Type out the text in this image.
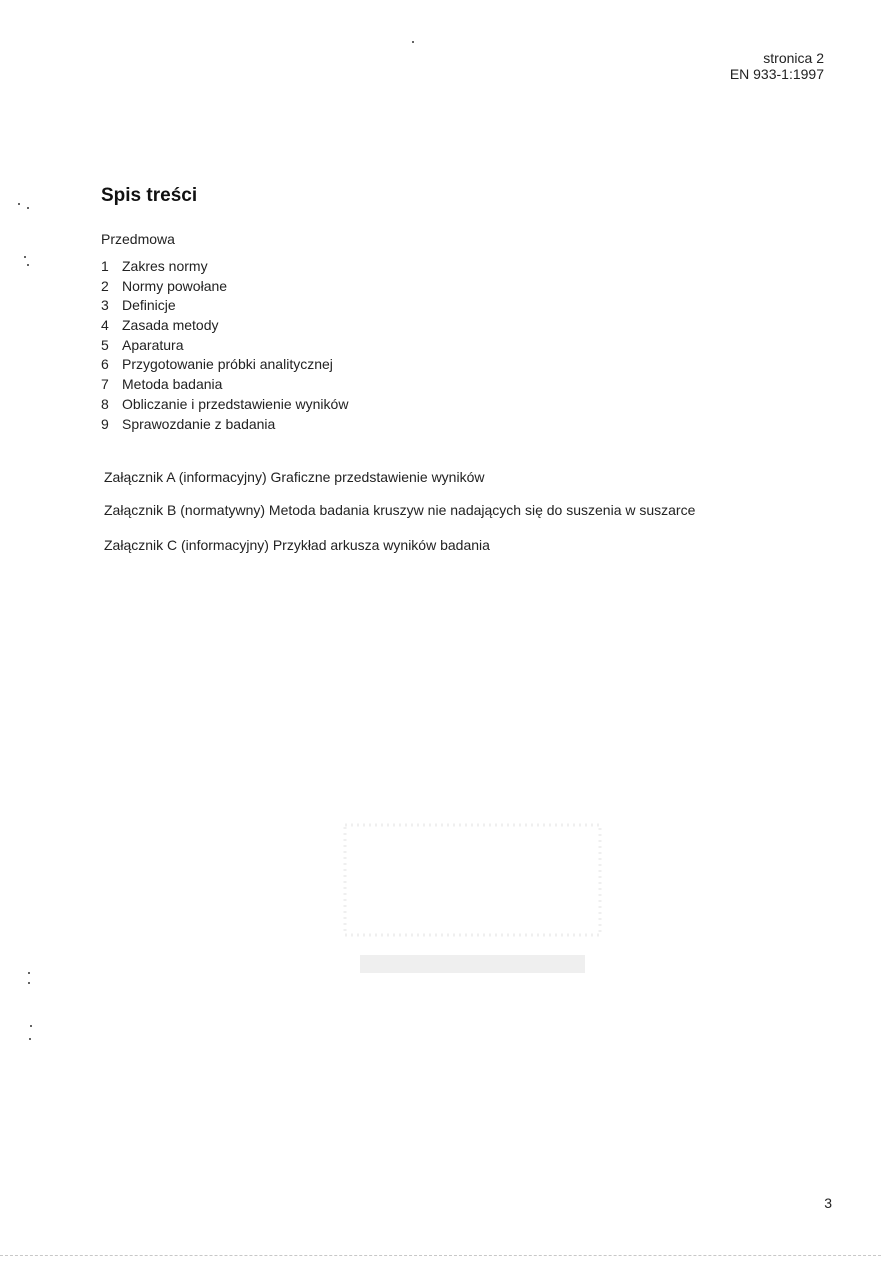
stronica 2
EN 933-1:1997
Spis treści
Przedmowa
1 Zakres normy
2 Normy powołane
3 Definicje
4 Zasada metody
5 Aparatura
6 Przygotowanie próbki analitycznej
7 Metoda badania
8 Obliczanie i przedstawienie wyników
9 Sprawozdanie z badania
Załącznik A (informacyjny) Graficzne przedstawienie wyników
Załącznik B (normatywny) Metoda badania kruszyw nie nadających się do suszenia w suszarce
Załącznik C (informacyjny) Przykład arkusza wyników badania
3
